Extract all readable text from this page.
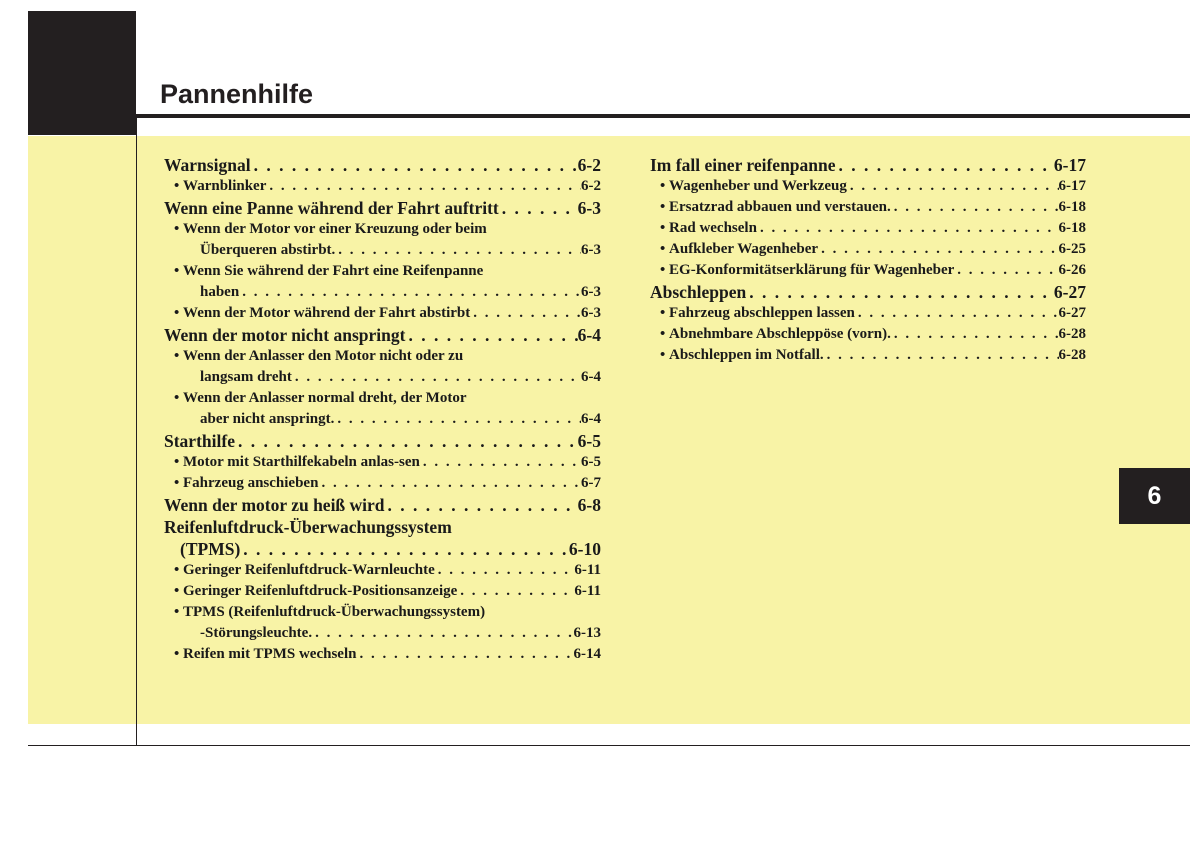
Pannenhilfe
6
Warnsignal . . .	6-2
• Warnblinker . . .	6-2
Wenn eine Panne während der Fahrt auftritt . . .	6-3
• Wenn der Motor vor einer Kreuzung oder beim
Überqueren abstirbt. . . .	6-3
• Wenn Sie während der Fahrt eine Reifenpanne
haben . . .	6-3
• Wenn der Motor während der Fahrt abstirbt . . .	6-3
Wenn der motor nicht anspringt . . .	6-4
• Wenn der Anlasser den Motor nicht oder zu
langsam dreht . . .	6-4
• Wenn der Anlasser normal dreht, der Motor
aber nicht anspringt. . . .	6-4
Starthilfe . . .	6-5
• Motor mit Starthilfekabeln anlas-sen . . .	6-5
• Fahrzeug anschieben . . .	6-7
Wenn der motor zu heiß wird . . .	6-8
Reifenluftdruck-Überwachungssystem
(TPMS) . . .	6-10
• Geringer Reifenluftdruck-Warnleuchte . . .	6-11
• Geringer Reifenluftdruck-Positionsanzeige . . .	6-11
• TPMS (Reifenluftdruck-Überwachungssystem)
-Störungsleuchte. . . .	6-13
• Reifen mit TPMS wechseln . . .	6-14
Im fall einer reifenpanne . . .	6-17
• Wagenheber und Werkzeug . . .	6-17
• Ersatzrad abbauen und verstauen. . . .	6-18
• Rad wechseln . . .	6-18
• Aufkleber Wagenheber . . .	6-25
• EG-Konformitätserklärung für Wagenheber . . .	6-26
Abschleppen . . .	6-27
• Fahrzeug abschleppen lassen . . .	6-27
• Abnehmbare Abschleppöse (vorn). . . .	6-28
• Abschleppen im Notfall. . . .	6-28
